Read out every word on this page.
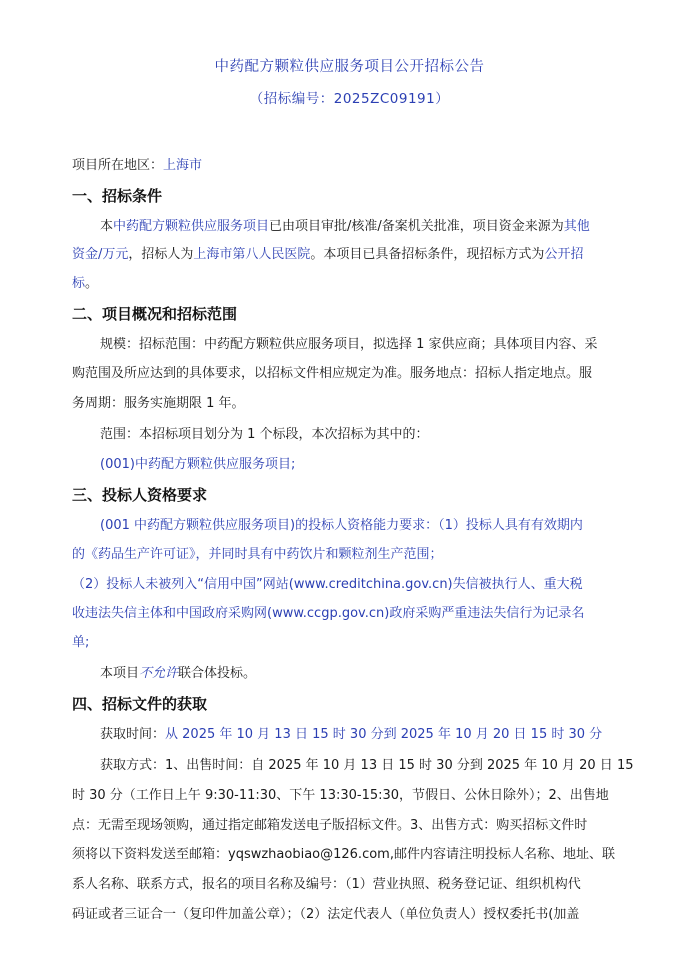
中药配方颗粒供应服务项目公开招标公告
（招标编号：2025ZC09191）
项目所在地区：上海市
一、招标条件
本中药配方颗粒供应服务项目已由项目审批/核准/备案机关批准，项目资金来源为其他
资金/万元，招标人为上海市第八人民医院。本项目已具备招标条件，现招标方式为公开招
标。
二、项目概况和招标范围
规模：招标范围：中药配方颗粒供应服务项目，拟选择 1 家供应商；具体项目内容、采
购范围及所应达到的具体要求，以招标文件相应规定为准。服务地点：招标人指定地点。服
务周期：服务实施期限 1 年。
范围：本招标项目划分为 1 个标段，本次招标为其中的：
(001)中药配方颗粒供应服务项目;
三、投标人资格要求
(001 中药配方颗粒供应服务项目)的投标人资格能力要求：（1）投标人具有有效期内
的《药品生产许可证》，并同时具有中药饮片和颗粒剂生产范围；
（2）投标人未被列入“信用中国”网站(www.creditchina.gov.cn)失信被执行人、重大税
收违法失信主体和中国政府采购网(www.ccgp.gov.cn)政府采购严重违法失信行为记录名
单;
本项目不允许联合体投标。
四、招标文件的获取
获取时间：从 2025 年 10 月 13 日 15 时 30 分到 2025 年 10 月 20 日 15 时 30 分
获取方式：1、出售时间：自 2025 年 10 月 13 日 15 时 30 分到 2025 年 10 月 20 日 15
时 30 分（工作日上午 9:30-11:30、下午 13:30-15:30，节假日、公休日除外）；2、出售地
点：无需至现场领购，通过指定邮箱发送电子版招标文件。3、出售方式：购买招标文件时
须将以下资料发送至邮箱：yqswzhaobiao@126.com,邮件内容请注明投标人名称、地址、联
系人名称、联系方式，报名的项目名称及编号：（1）营业执照、税务登记证、组织机构代
码证或者三证合一（复印件加盖公章）；（2）法定代表人（单位负责人）授权委托书(加盖
